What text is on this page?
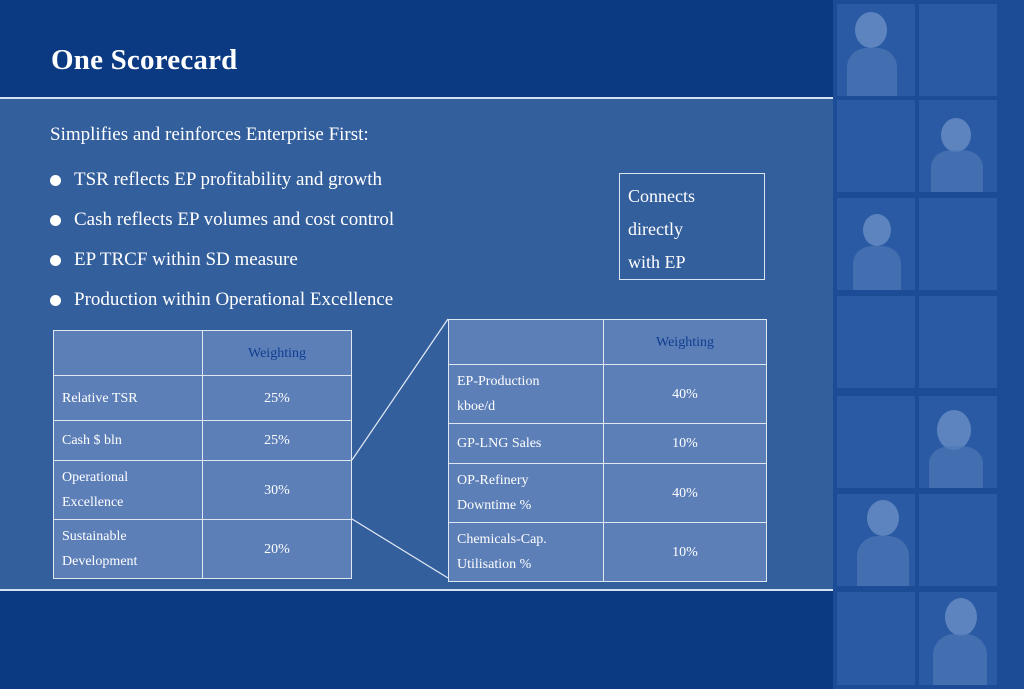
One Scorecard
Simplifies and reinforces Enterprise First:
TSR reflects EP profitability and growth
Cash reflects EP volumes and cost control
EP TRCF within SD measure
Production within Operational Excellence
Connects
directly
with EP
	Weighting
Relative TSR	25%
Cash $ bln	25%

Operational
Excellence	30%

Sustainable
Development	20%
	Weighting

EP-Production
kboe/d	40%
GP-LNG Sales	10%

OP-Refinery
Downtime %	40%

Chemicals-Cap.
Utilisation %	10%
